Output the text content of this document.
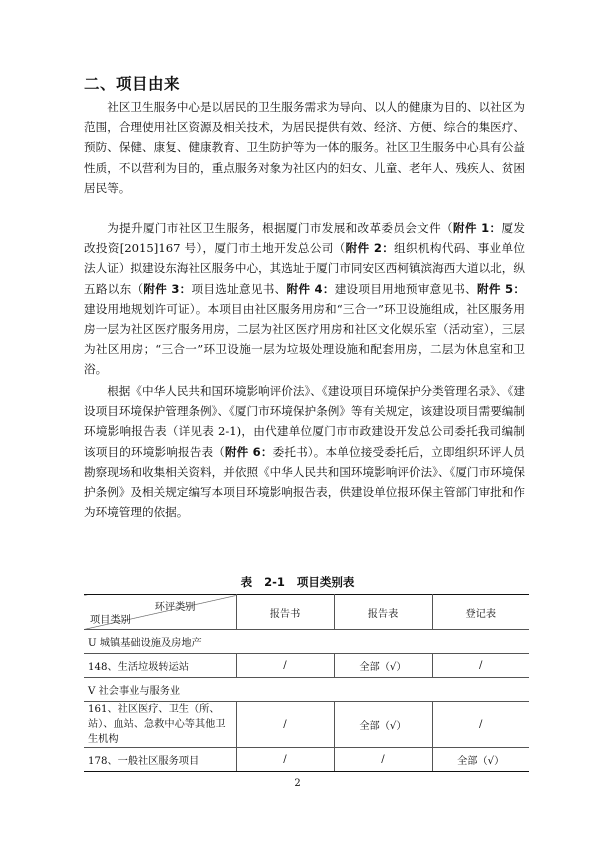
二、项目由来

社区卫生服务中心是以居民的卫生服务需求为导向、以人的健康为目的、以社区为范围，合理使用社区资源及相关技术，为居民提供有效、经济、方便、综合的集医疗、预防、保健、康复、健康教育、卫生防护等为一体的服务。社区卫生服务中心具有公益性质，不以营利为目的，重点服务对象为社区内的妇女、儿童、老年人、残疾人、贫困居民等。

为提升厦门市社区卫生服务，根据厦门市发展和改革委员会文件（附件 1：厦发改投资[2015]167 号），厦门市土地开发总公司（附件 2：组织机构代码、事业单位法人证）拟建设东海社区服务中心，其选址于厦门市同安区西柯镇滨海西大道以北，纵五路以东（附件 3：项目选址意见书、附件 4：建设项目用地预审意见书、附件 5：建设用地规划许可证）。本项目由社区服务用房和“三合一”环卫设施组成，社区服务用房一层为社区医疗服务用房，二层为社区医疗用房和社区文化娱乐室（活动室），三层为社区用房；“三合一”环卫设施一层为垃圾处理设施和配套用房，二层为休息室和卫浴。

根据《中华人民共和国环境影响评价法》、《建设项目环境保护分类管理名录》、《建设项目环境保护管理条例》、《厦门市环境保护条例》等有关规定，该建设项目需要编制环境影响报告表（详见表 2-1)，由代建单位厦门市市政建设开发总公司委托我司编制该项目的环境影响报告表（附件 6：委托书）。本单位接受委托后，立即组织环评人员勘察现场和收集相关资料，并依照《中华人民共和国环境影响评价法》、《厦门市环境保护条例》及相关规定编写本项目环境影响报告表，供建设单位报环保主管部门审批和作为环境管理的依据。

表 2-1 项目类别表
环评类别
项目类别	报告书	报告表	登记表
U 城镇基础设施及房地产			
148、生活垃圾转运站	/	全部（√）	/
V 社会事业与服务业			
161、社区医疗、卫生（所、站）、血站、急救中心等其他卫生机构	/	全部（√）	/
178、一般社区服务项目	/	/	全部（√）
2
